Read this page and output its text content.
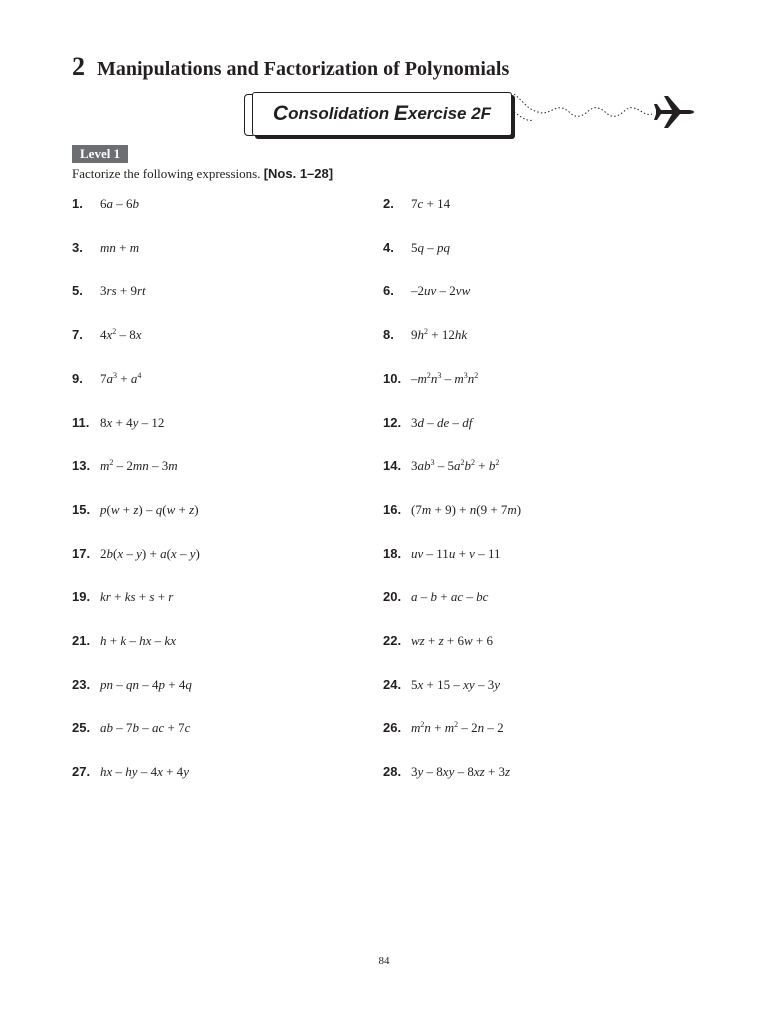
2 Manipulations and Factorization of Polynomials
C onsolidation E xercise 2F
Level 1
Factorize the following expressions. [Nos. 1–28]
1.	6a – 6b	2.	7c + 14
3.	mn + m	4.	5q – pq
5.	3rs + 9rt	6.	–2uv – 2vw
7.	$4x^2 - 8x$	8.	$9h^2 + 12hk$
9.	$7a^3 + a^4$	10. $-m^2n^3 - m^3n^2$
11. 8x + 4y – 12	12. 3d – de – df
13. $m^2 - 2mn - 3m$	14. $3ab^3 - 5a^2b^2 + b^2$
15. p(w + z) – q(w + z)	16. (7m + 9) + n(9 + 7m)
17. 2b(x – y) + a(x – y)	18. uv – 11u + v – 11
19. kr + ks + s + r	20. a – b + ac – bc
21. h + k – hx – kx	22. wz + z + 6w + 6
23. pn – qn – 4p + 4q	24. 5x + 15 – xy – 3y
25. ab – 7b – ac + 7c	26. $m^2n + m^2 - 2n - 2$
27. hx – hy – 4x + 4y	28. 3y – 8xy – 8xz + 3z
84
